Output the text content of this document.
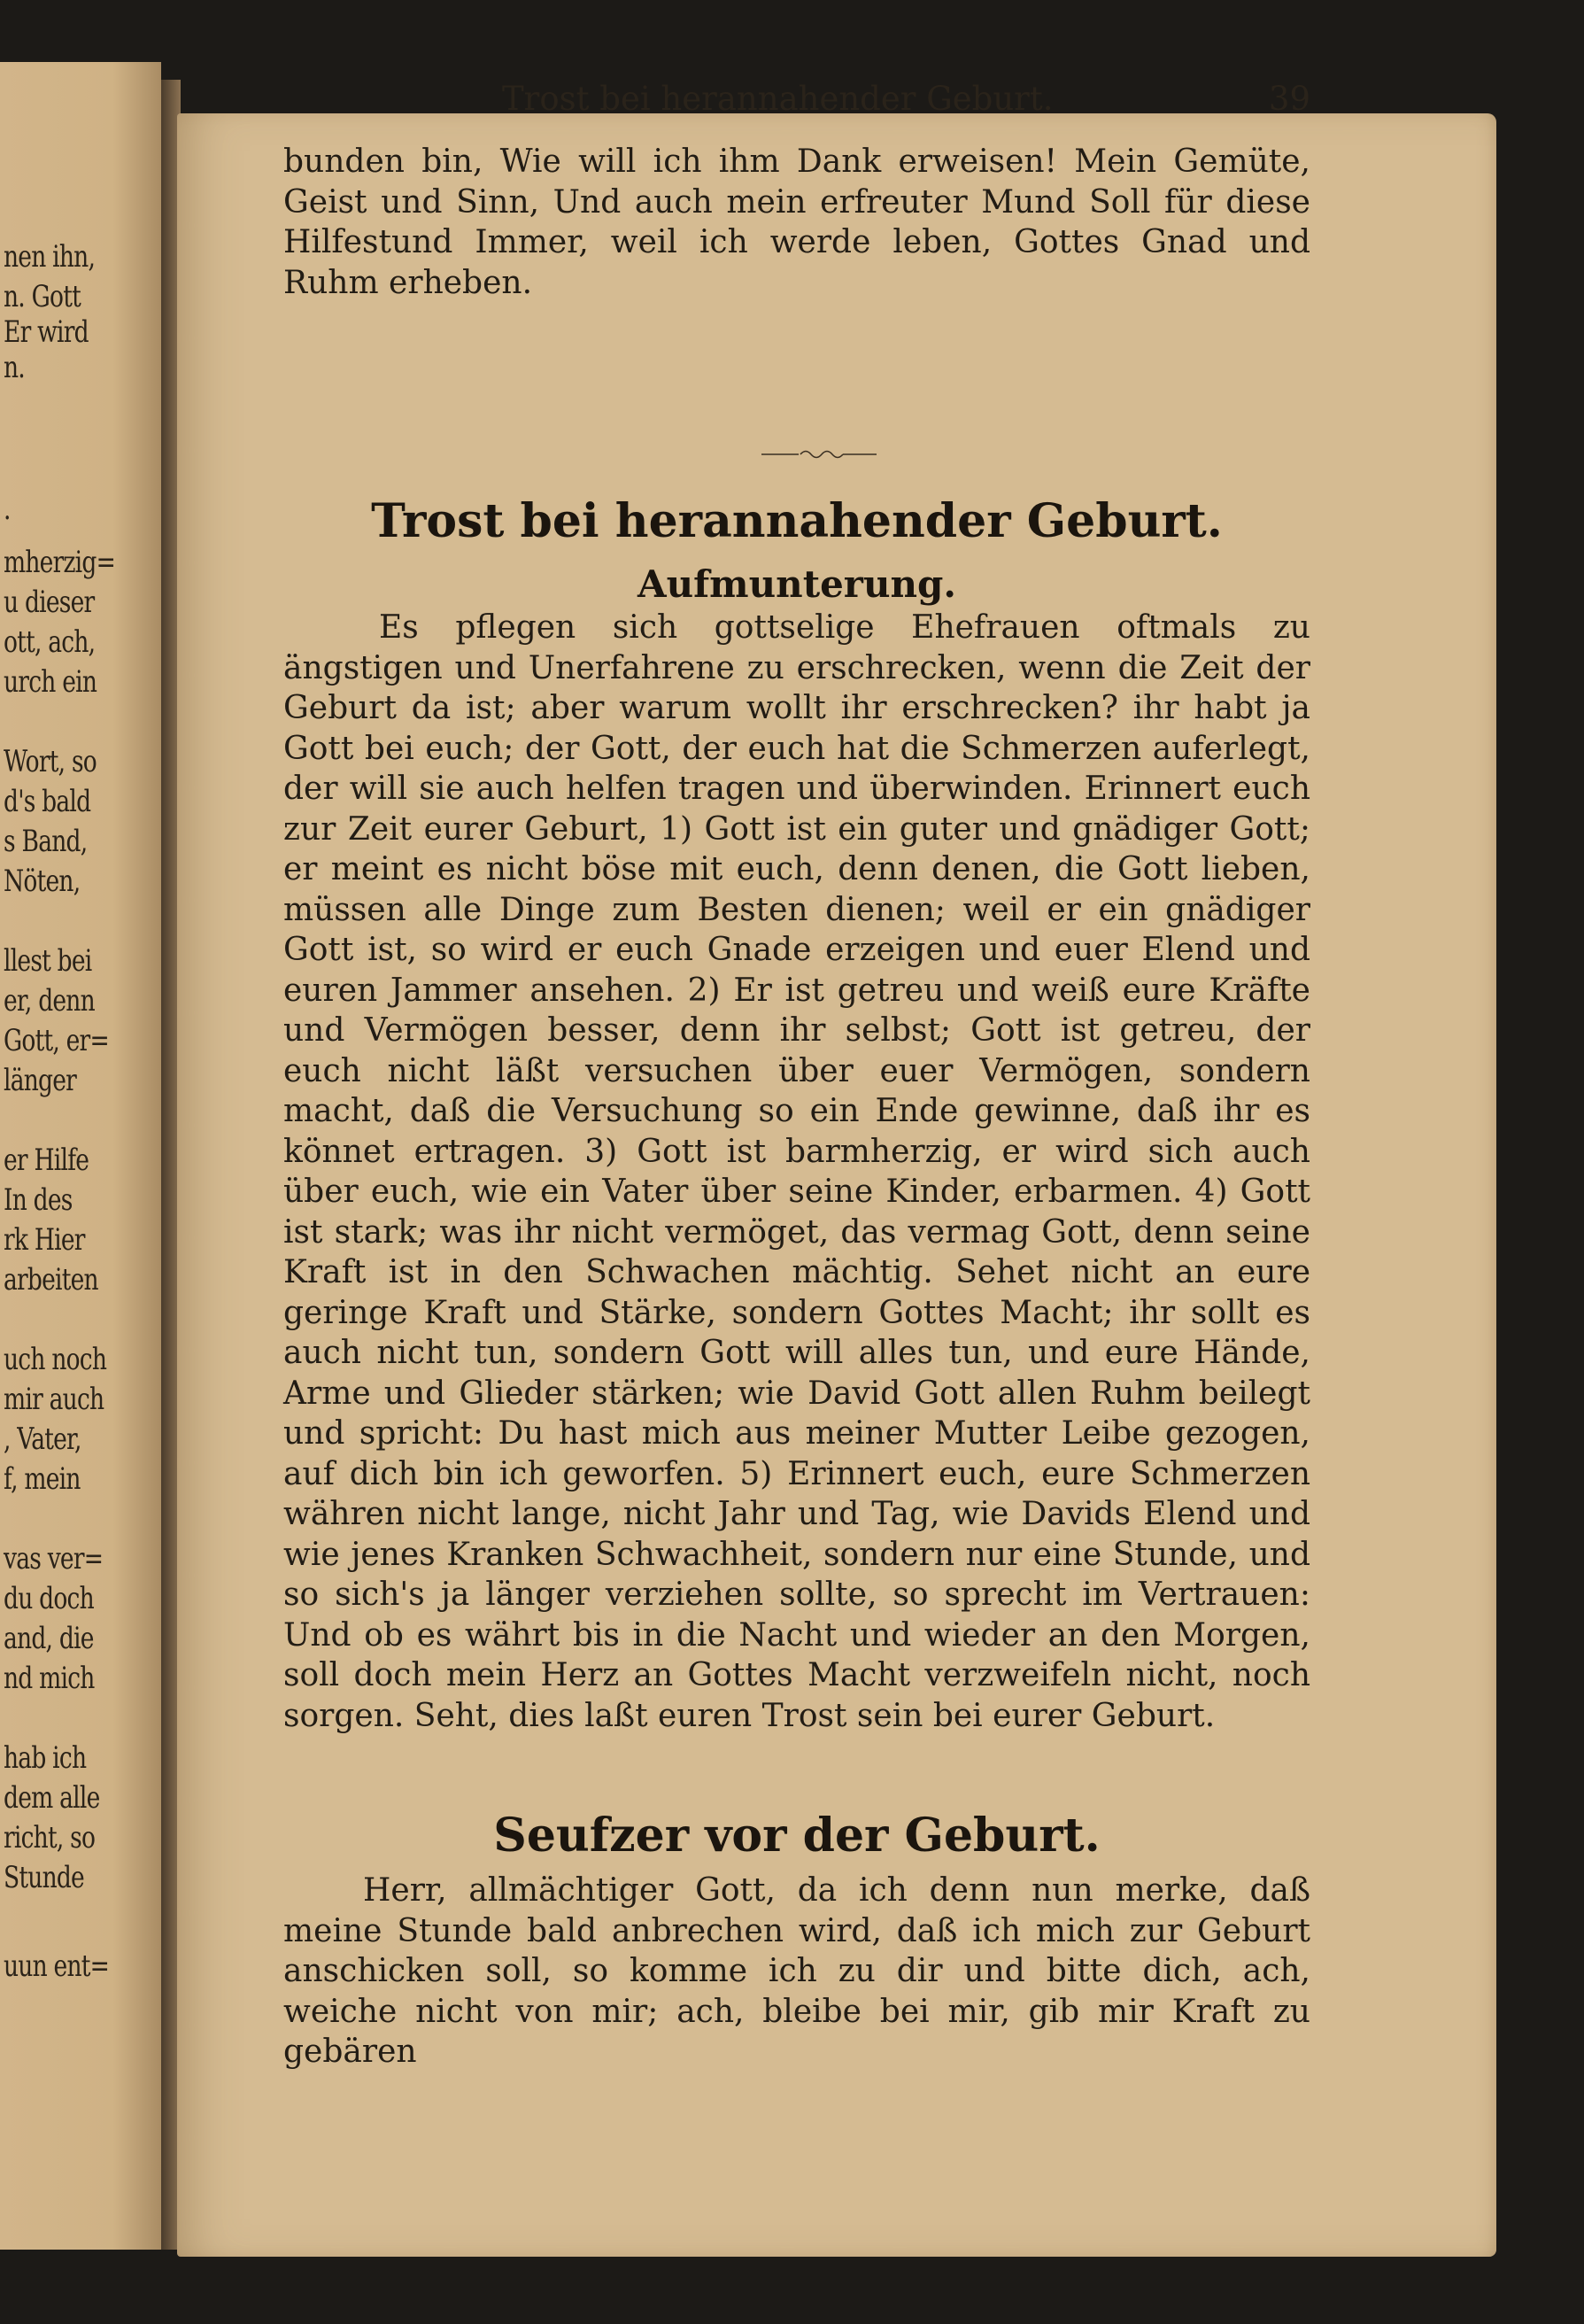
nen ihn,
n. Gott
Er wird
n.
.
mherzig=
u dieser
ott, ach,
urch ein
Wort, so
d's bald
s Band,
Nöten,
llest bei
er, denn
Gott, er=
länger
er Hilfe
In des
rk Hier
arbeiten
uch noch
mir auch
, Vater,
f, mein
vas ver=
du doch
and, die
nd mich
hab ich
dem alle
richt, so
Stunde
uun ent=
Trost bei herannahender Geburt.	39
bunden bin, Wie will ich ihm Dank erweisen! Mein Gemüte, Geist und Sinn, Und auch mein erfreuter Mund Soll für diese Hilfestund Immer, weil ich werde leben, Gottes Gnad und Ruhm erheben.
Trost bei herannahender Geburt.
Aufmunterung.
Es pflegen sich gottselige Ehefrauen oftmals zu ängstigen und Unerfahrene zu erschrecken, wenn die Zeit der Geburt da ist; aber warum wollt ihr erschrecken? ihr habt ja Gott bei euch; der Gott, der euch hat die Schmerzen auferlegt, der will sie auch helfen tragen und überwinden. Erinnert euch zur Zeit eurer Geburt, 1) Gott ist ein guter und gnädiger Gott; er meint es nicht böse mit euch, denn denen, die Gott lieben, müssen alle Dinge zum Besten dienen; weil er ein gnädiger Gott ist, so wird er euch Gnade erzeigen und euer Elend und euren Jammer ansehen. 2) Er ist getreu und weiß eure Kräfte und Vermögen besser, denn ihr selbst; Gott ist getreu, der euch nicht läßt versuchen über euer Vermögen, sondern macht, daß die Versuchung so ein Ende gewinne, daß ihr es könnet ertragen. 3) Gott ist barmherzig, er wird sich auch über euch, wie ein Vater über seine Kinder, erbarmen. 4) Gott ist stark; was ihr nicht vermöget, das vermag Gott, denn seine Kraft ist in den Schwachen mächtig. Sehet nicht an eure geringe Kraft und Stärke, sondern Gottes Macht; ihr sollt es auch nicht tun, sondern Gott will alles tun, und eure Hände, Arme und Glieder stärken; wie David Gott allen Ruhm beilegt und spricht: Du hast mich aus meiner Mutter Leibe gezogen, auf dich bin ich geworfen. 5) Erinnert euch, eure Schmerzen währen nicht lange, nicht Jahr und Tag, wie Davids Elend und wie jenes Kranken Schwachheit, sondern nur eine Stunde, und so sich's ja länger verziehen sollte, so sprecht im Vertrauen: Und ob es währt bis in die Nacht und wieder an den Morgen, soll doch mein Herz an Gottes Macht verzweifeln nicht, noch sorgen. Seht, dies laßt euren Trost sein bei eurer Geburt.
Seufzer vor der Geburt.
Herr, allmächtiger Gott, da ich denn nun merke, daß meine Stunde bald anbrechen wird, daß ich mich zur Geburt anschicken soll, so komme ich zu dir und bitte dich, ach, weiche nicht von mir; ach, bleibe bei mir, gib mir Kraft zu gebären
